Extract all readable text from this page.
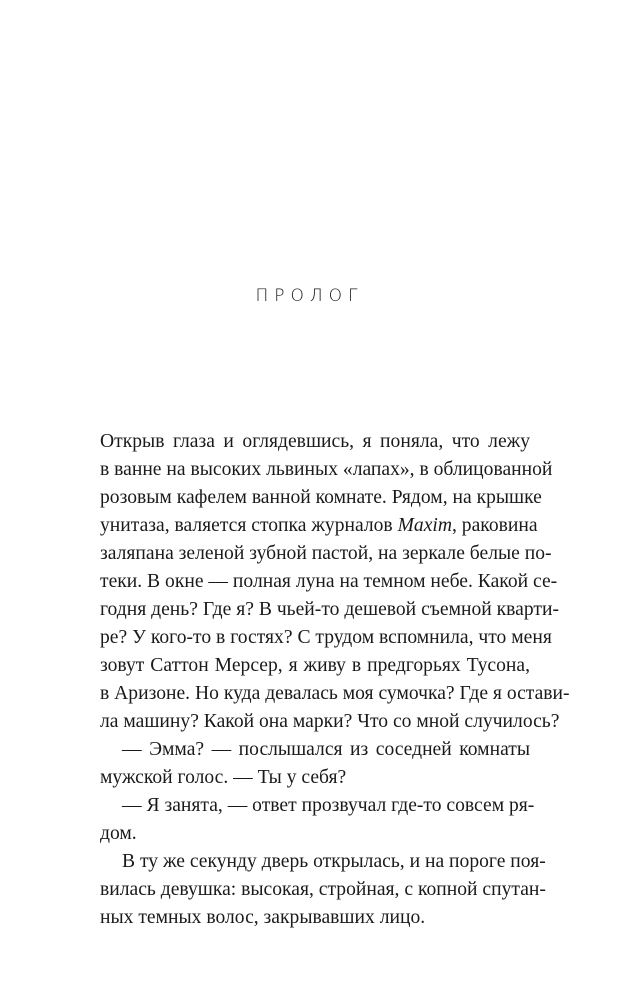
ПРОЛОГ
Открыв глаза и оглядевшись, я поняла, что лежу
в ванне на высоких львиных «лапах», в облицованной
розовым кафелем ванной комнате. Рядом, на крышке
унитаза, валяется стопка журналов Maxim, раковина
заляпана зеленой зубной пастой, на зеркале белые по-
теки. В окне — полная луна на темном небе. Какой се-
годня день? Где я? В чьей-то дешевой съемной кварти-
ре? У кого-то в гостях? С трудом вспомнила, что меня
зовут Саттон Мерсер, я живу в предгорьях Тусона,
в Аризоне. Но куда девалась моя сумочка? Где я остави-
ла машину? Какой она марки? Что со мной случилось?
— Эмма? — послышался из соседней комнаты
мужской голос. — Ты у себя?
— Я занята, — ответ прозвучал где-то совсем ря-
дом.
В ту же секунду дверь открылась, и на пороге поя-
вилась девушка: высокая, стройная, с копной спутан-
ных темных волос, закрывавших лицо.
